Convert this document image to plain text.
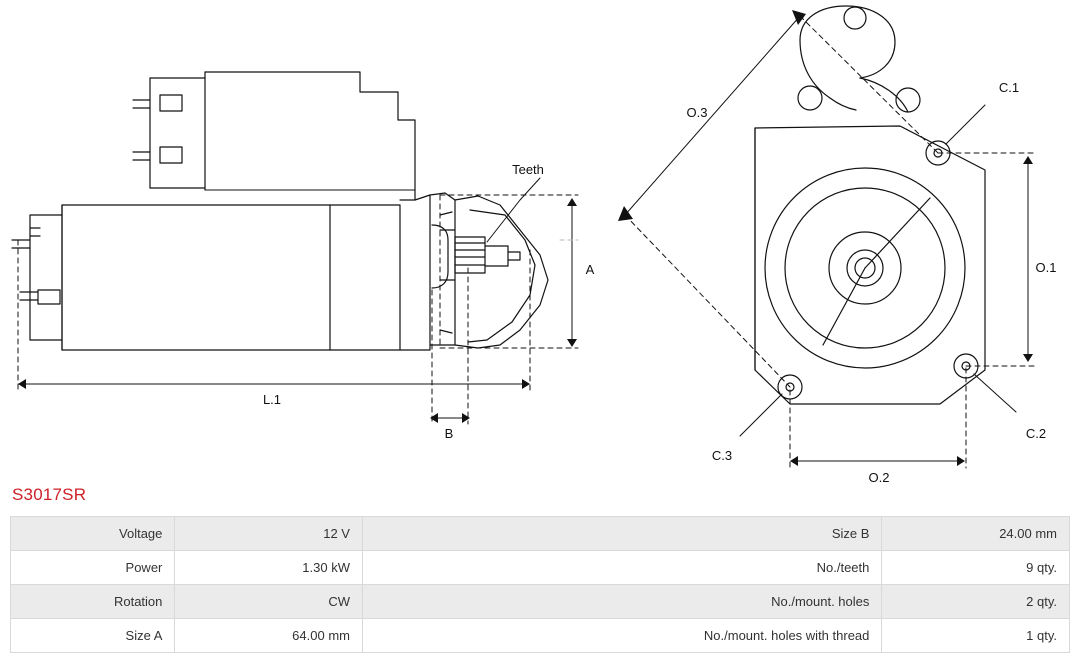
Teeth
L.1
A
B
O.1
O.2
O.3
C.1
C.2
C.3
S3017SR
Voltage	12 V	Size B	24.00 mm
Power	1.30 kW	No./teeth	9 qty.
Rotation	CW	No./mount. holes	2 qty.
Size A	64.00 mm	No./mount. holes with thread	1 qty.
